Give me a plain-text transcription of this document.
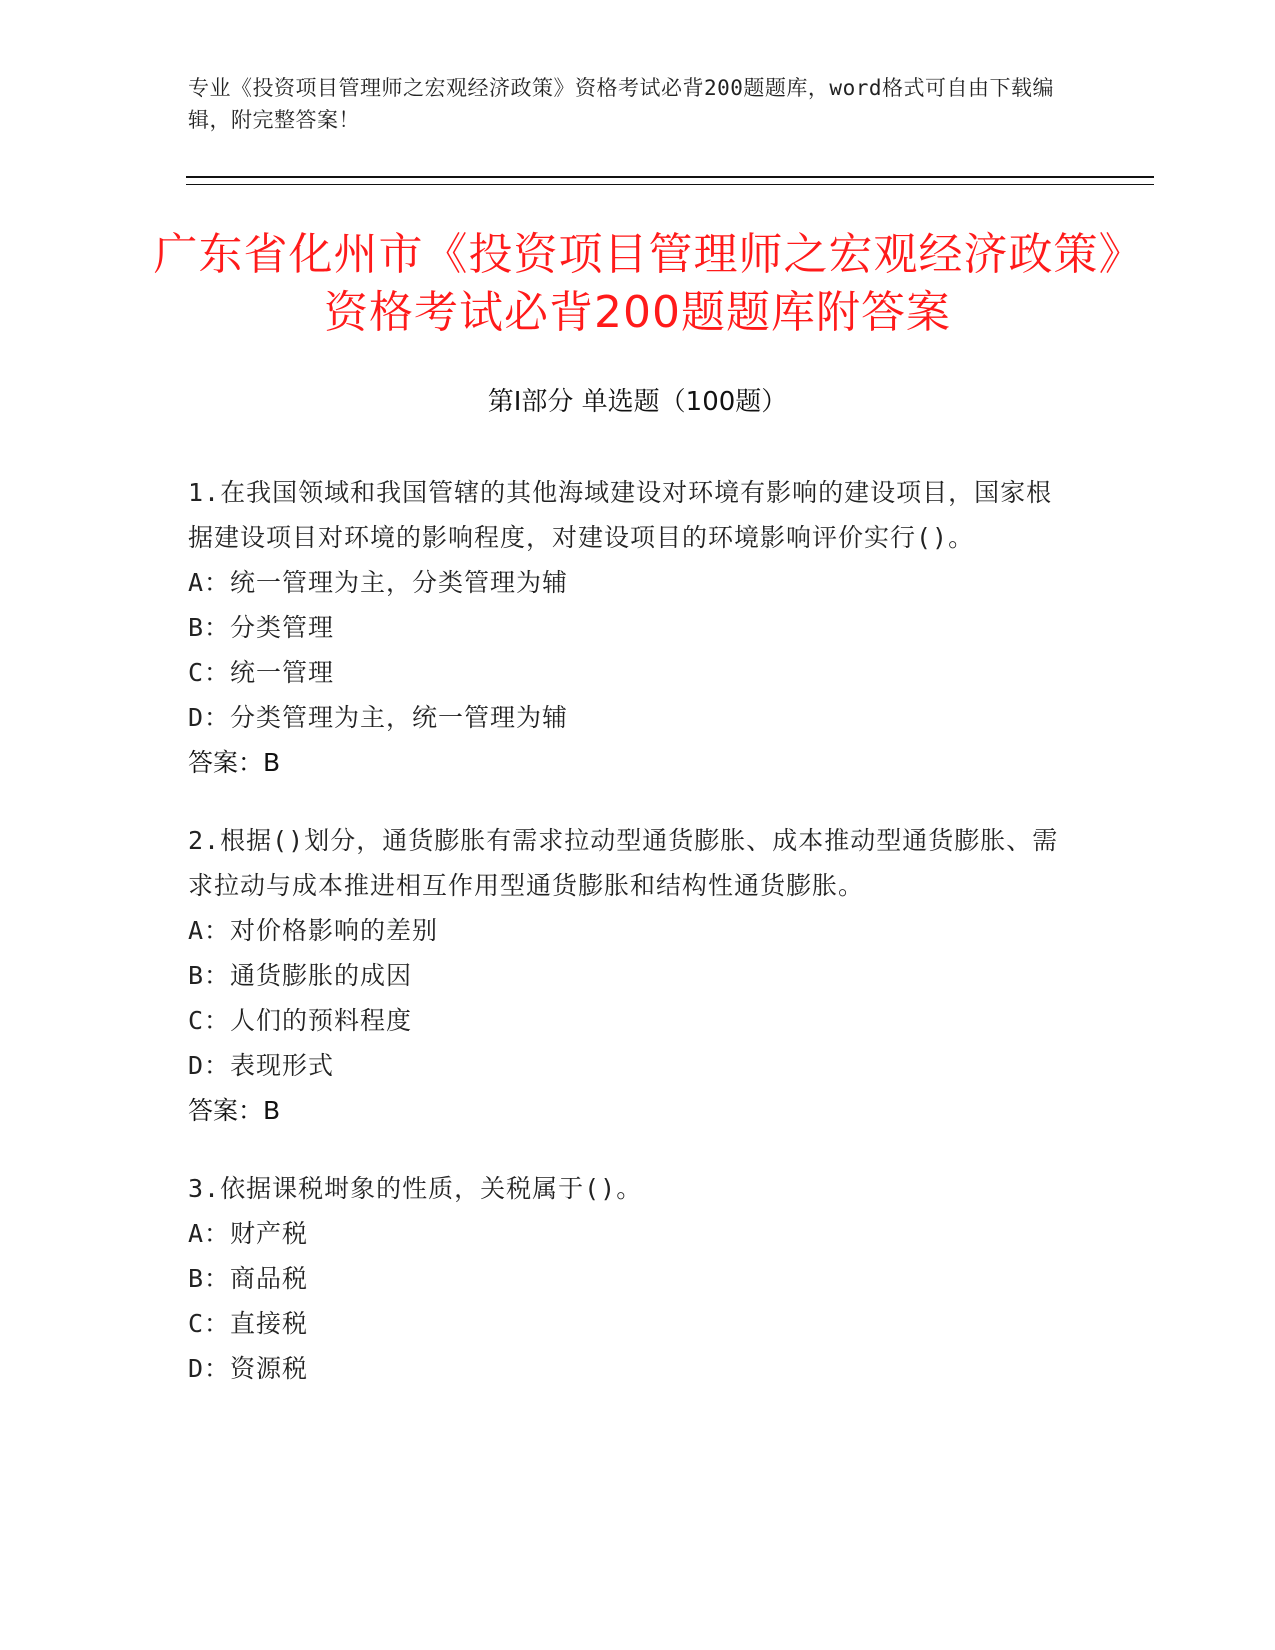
专业《投资项目管理师之宏观经济政策》资格考试必背200题题库，word格式可自由下载编辑，附完整答案！
广东省化州市《投资项目管理师之宏观经济政策》资格考试必背200题题库附答案
第I部分 单选题（100题）

1.在我国领域和我国管辖的其他海域建设对环境有影响的建设项目，国家根据建设项目对环境的影响程度，对建设项目的环境影响评价实行()。

A：统一管理为主，分类管理为辅

B：分类管理

C：统一管理

D：分类管理为主，统一管理为辅

答案：B

2.根据()划分，通货膨胀有需求拉动型通货膨胀、成本推动型通货膨胀、需求拉动与成本推进相互作用型通货膨胀和结构性通货膨胀。

A：对价格影响的差别

B：通货膨胀的成因

C：人们的预料程度

D：表现形式

答案：B

3.依据课税埘象的性质，关税属于()。

A：财产税

B：商品税

C：直接税

D：资源税
